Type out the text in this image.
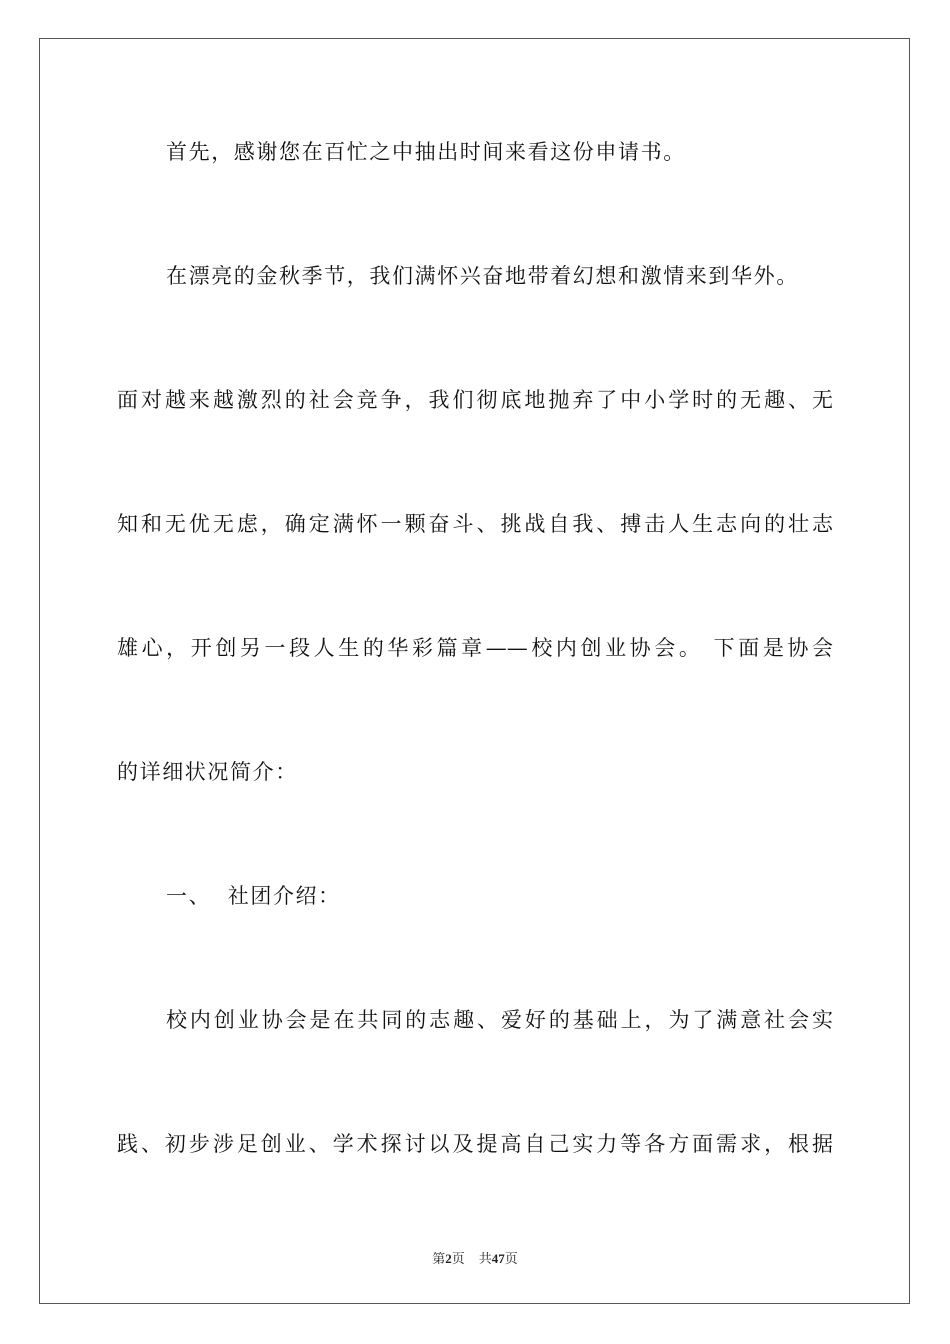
首先，感谢您在百忙之中抽出时间来看这份申请书。
在漂亮的金秋季节，我们满怀兴奋地带着幻想和激情来到华外。
面对越来越激烈的社会竞争，我们彻底地抛弃了中小学时的无趣、无
知和无优无虑，确定满怀一颗奋斗、挑战自我、搏击人生志向的壮志
雄心，开创另一段人生的华彩篇章——校内创业协会。 下面是协会
的详细状况简介：
一、  社团介绍：
校内创业协会是在共同的志趣、爱好的基础上，为了满意社会实
践、初步涉足创业、学术探讨以及提高自己实力等各方面需求，根据
第2页 共47页
